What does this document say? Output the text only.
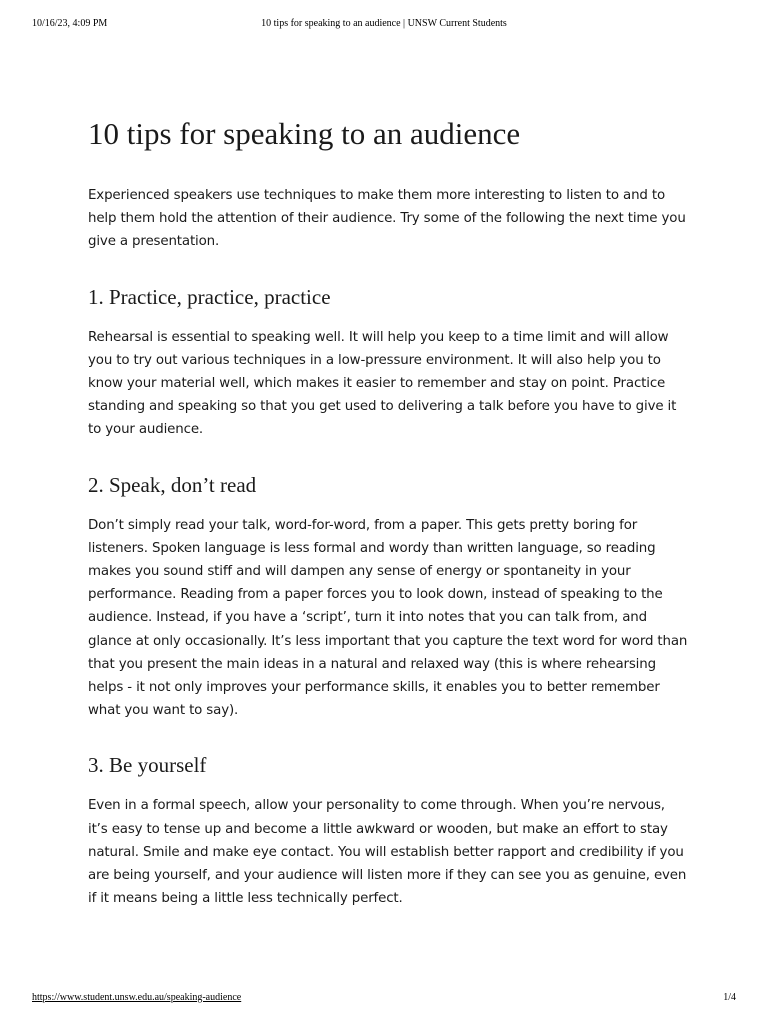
10/16/23, 4:09 PM	10 tips for speaking to an audience | UNSW Current Students
10 tips for speaking to an audience

Experienced speakers use techniques to make them more interesting to listen to and to help them hold the attention of their audience. Try some of the following the next time you give a presentation.

1. Practice, practice, practice

Rehearsal is essential to speaking well. It will help you keep to a time limit and will allow you to try out various techniques in a low-pressure environment. It will also help you to know your material well, which makes it easier to remember and stay on point. Practice standing and speaking so that you get used to delivering a talk before you have to give it to your audience.

2. Speak, don’t read

Don’t simply read your talk, word-for-word, from a paper. This gets pretty boring for listeners. Spoken language is less formal and wordy than written language, so reading makes you sound stiff and will dampen any sense of energy or spontaneity in your performance. Reading from a paper forces you to look down, instead of speaking to the audience. Instead, if you have a ‘script’, turn it into notes that you can talk from, and glance at only occasionally. It’s less important that you capture the text word for word than that you present the main ideas in a natural and relaxed way (this is where rehearsing helps - it not only improves your performance skills, it enables you to better remember what you want to say).

3. Be yourself

Even in a formal speech, allow your personality to come through. When you’re nervous, it’s easy to tense up and become a little awkward or wooden, but make an effort to stay natural. Smile and make eye contact. You will establish better rapport and credibility if you are being yourself, and your audience will listen more if they can see you as genuine, even if it means being a little less technically perfect.

https://www.student.unsw.edu.au/speaking-audience	1/4
